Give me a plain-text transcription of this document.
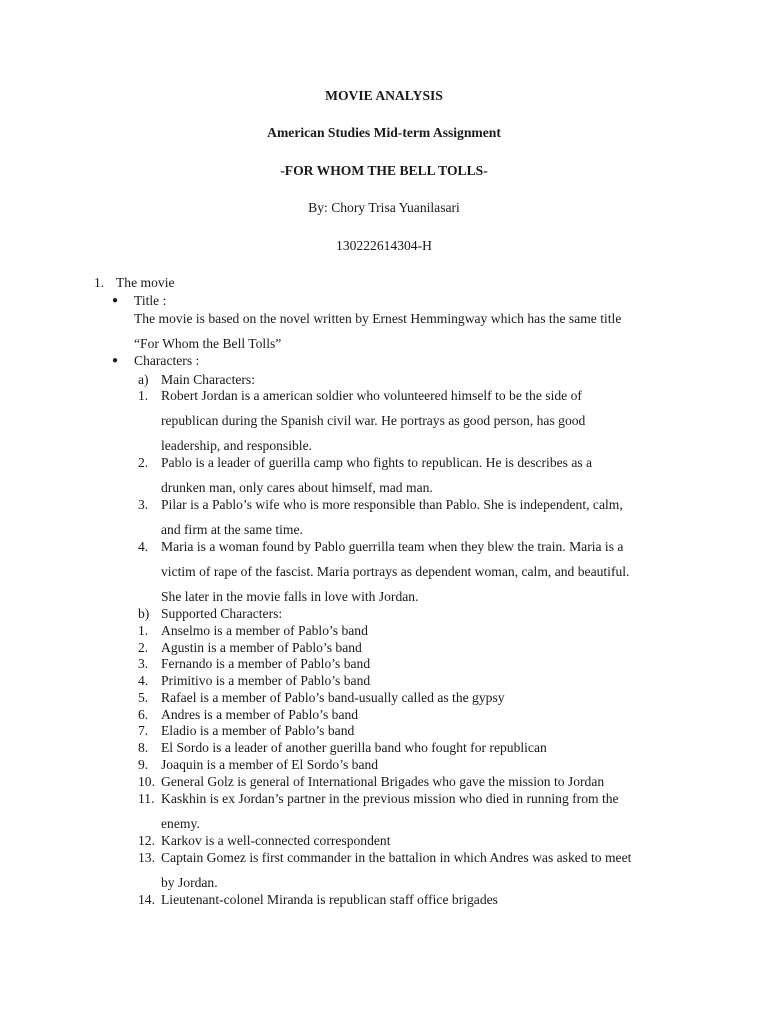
MOVIE ANALYSIS
American Studies Mid-term Assignment
-FOR WHOM THE BELL TOLLS-
By: Chory Trisa Yuanilasari
130222614304-H
1. The movie
● Title :
The movie is based on the novel written by Ernest Hemmingway which has the same title
“For Whom the Bell Tolls”
● Characters :
a) Main Characters:
1. Robert Jordan is a american soldier who volunteered himself to be the side of
republican during the Spanish civil war. He portrays as good person, has good
leadership, and responsible.
2. Pablo is a leader of guerilla camp who fights to republican. He is describes as a
drunken man, only cares about himself, mad man.
3. Pilar is a Pablo’s wife who is more responsible than Pablo. She is independent, calm,
and firm at the same time.
4. Maria is a woman found by Pablo guerrilla team when they blew the train. Maria is a
victim of rape of the fascist. Maria portrays as dependent woman, calm, and beautiful.
She later in the movie falls in love with Jordan.
b) Supported Characters:
1. Anselmo is a member of Pablo’s band
2. Agustin is a member of Pablo’s band
3. Fernando is a member of Pablo’s band
4. Primitivo is a member of Pablo’s band
5. Rafael is a member of Pablo’s band-usually called as the gypsy
6. Andres is a member of Pablo’s band
7. Eladio is a member of Pablo’s band
8. El Sordo is a leader of another guerilla band who fought for republican
9. Joaquin is a member of El Sordo’s band
10. General Golz is general of International Brigades who gave the mission to Jordan
11. Kaskhin is ex Jordan’s partner in the previous mission who died in running from the
enemy.
12. Karkov is a well-connected correspondent
13. Captain Gomez is first commander in the battalion in which Andres was asked to meet
by Jordan.
14. Lieutenant-colonel Miranda is republican staff office brigades
